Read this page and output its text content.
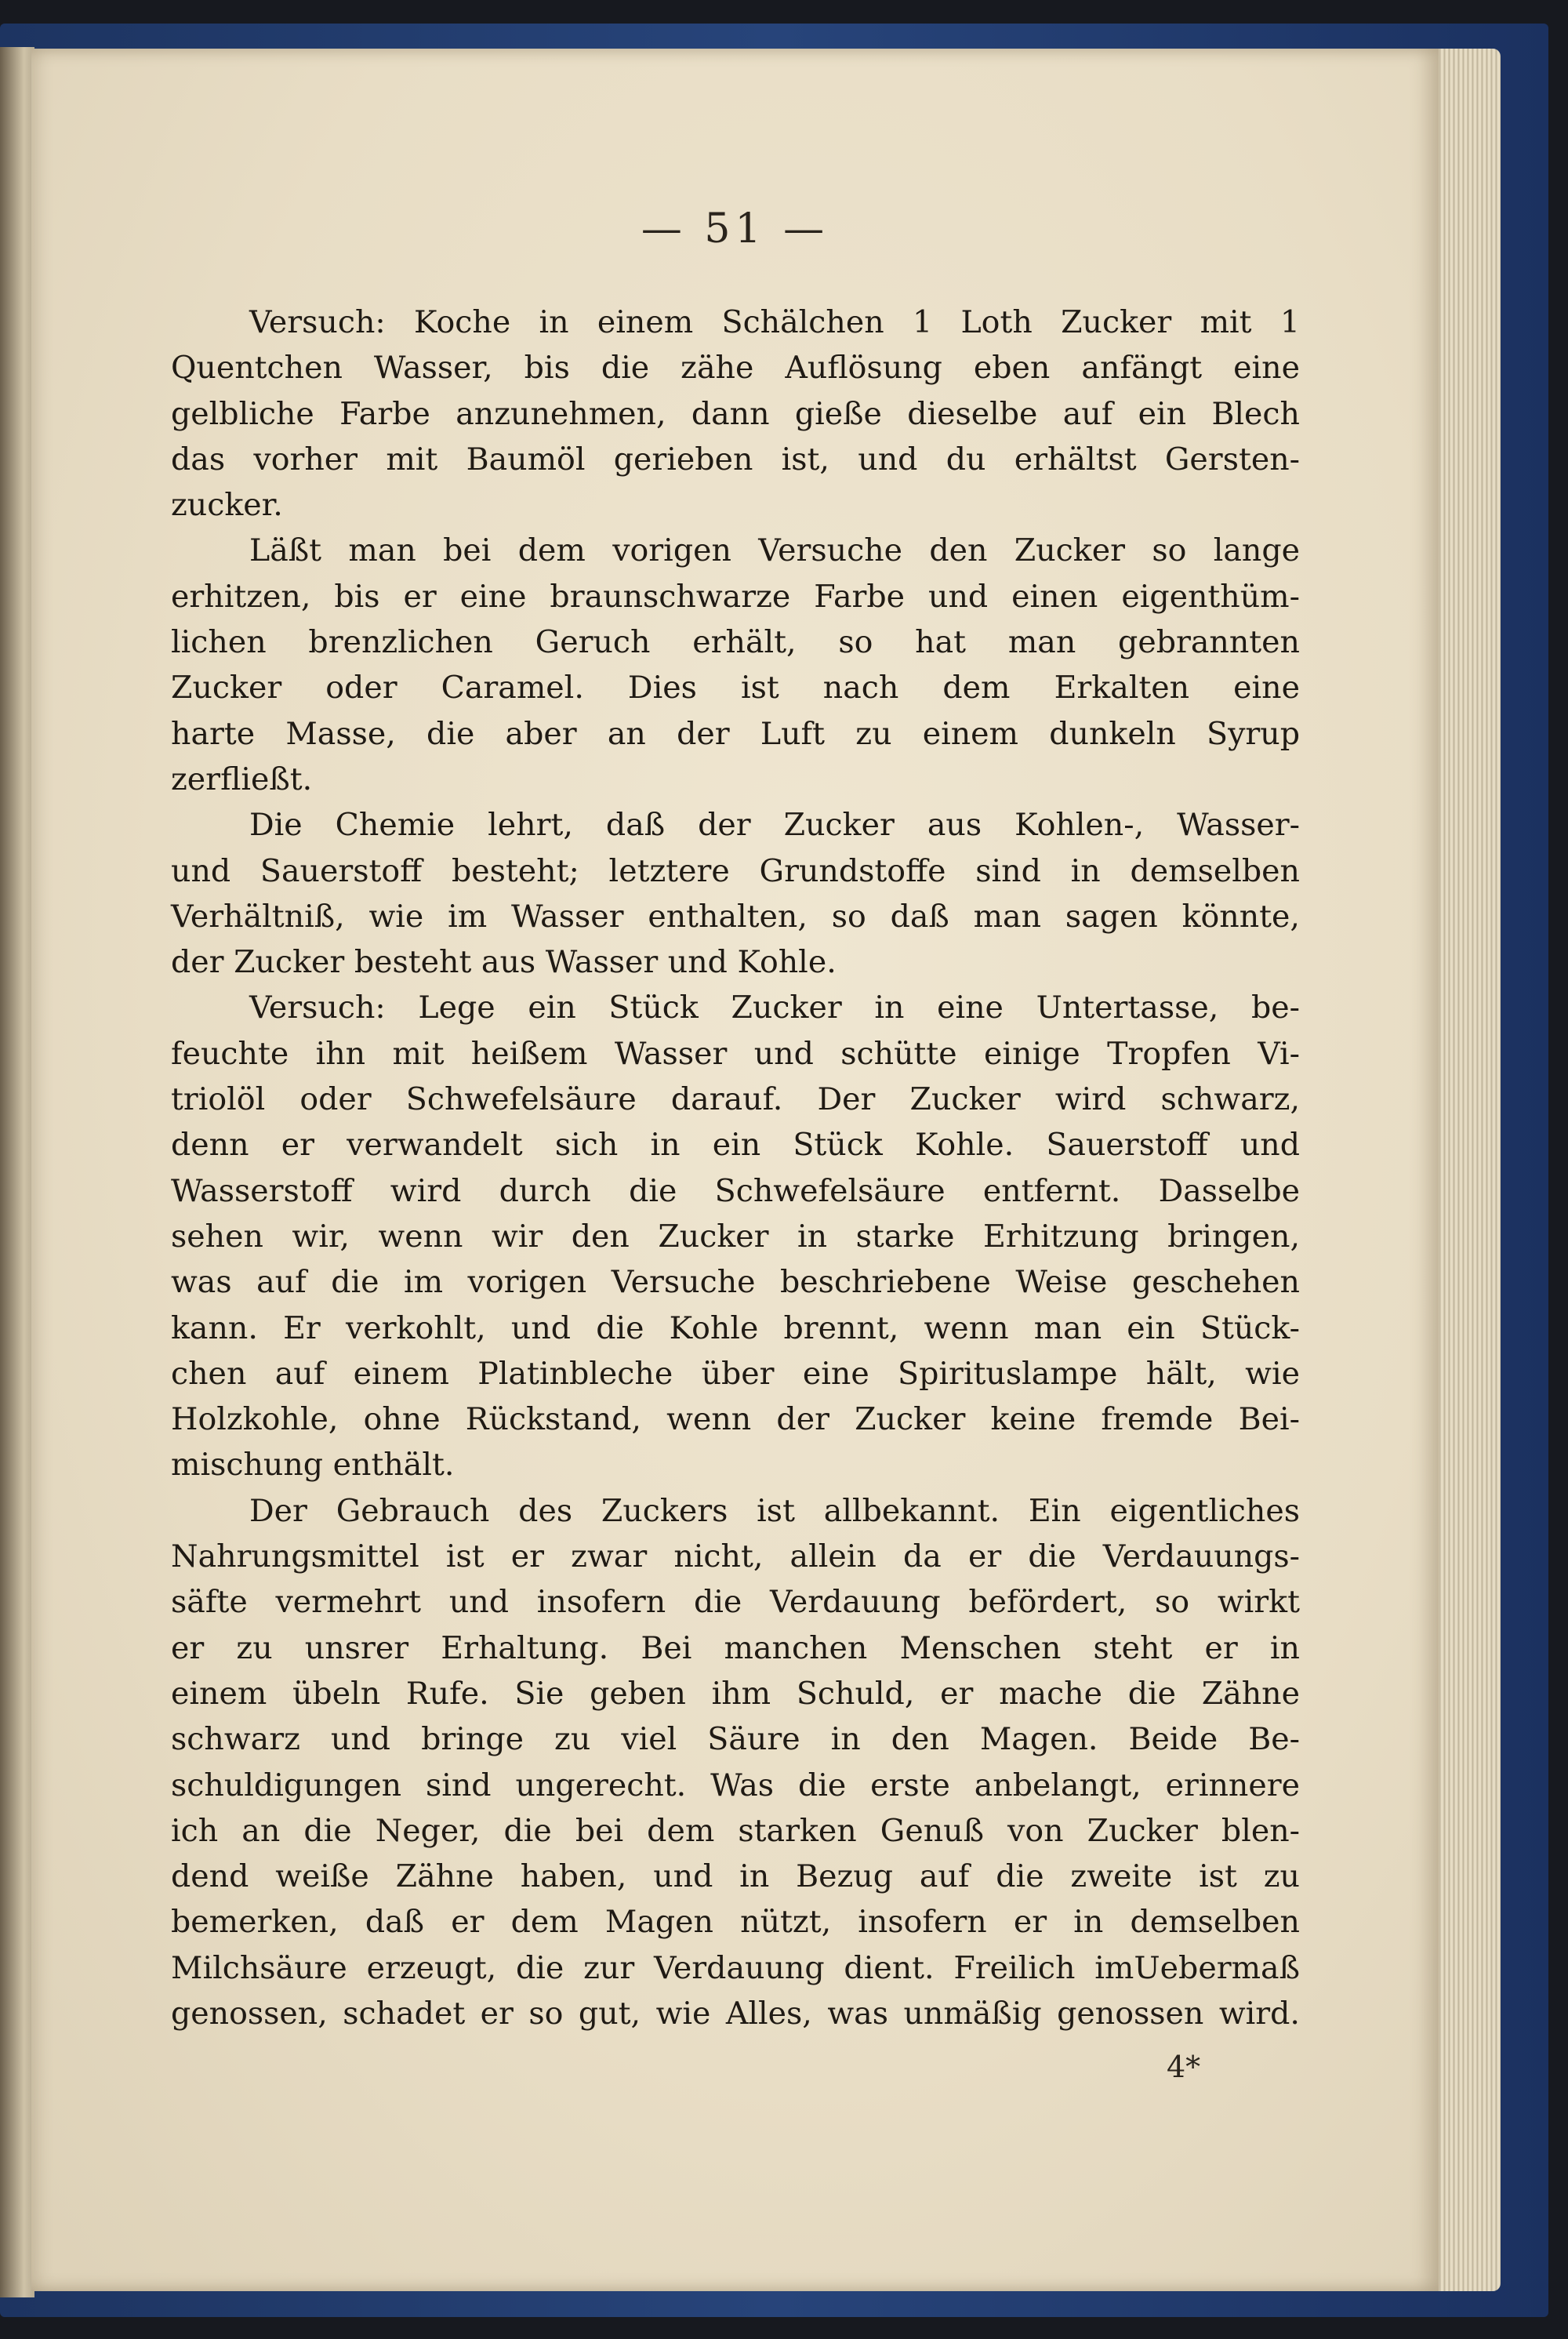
— 51 —
Versuch: Koche in einem Schälchen 1 Loth Zucker mit 1
Quentchen Wasser, bis die zähe Auflösung eben anfängt eine
gelbliche Farbe anzunehmen, dann gieße dieselbe auf ein Blech
das vorher mit Baumöl gerieben ist, und du erhältst Gersten-
zucker.
Läßt man bei dem vorigen Versuche den Zucker so lange
erhitzen, bis er eine braunschwarze Farbe und einen eigenthüm-
lichen brenzlichen Geruch erhält, so hat man gebrannten
Zucker oder Caramel. Dies ist nach dem Erkalten eine
harte Masse, die aber an der Luft zu einem dunkeln Syrup
zerfließt.
Die Chemie lehrt, daß der Zucker aus Kohlen-, Wasser-
und Sauerstoff besteht; letztere Grundstoffe sind in demselben
Verhältniß, wie im Wasser enthalten, so daß man sagen könnte,
der Zucker besteht aus Wasser und Kohle.
Versuch: Lege ein Stück Zucker in eine Untertasse, be-
feuchte ihn mit heißem Wasser und schütte einige Tropfen Vi-
triolöl oder Schwefelsäure darauf. Der Zucker wird schwarz,
denn er verwandelt sich in ein Stück Kohle. Sauerstoff und
Wasserstoff wird durch die Schwefelsäure entfernt. Dasselbe
sehen wir, wenn wir den Zucker in starke Erhitzung bringen,
was auf die im vorigen Versuche beschriebene Weise geschehen
kann. Er verkohlt, und die Kohle brennt, wenn man ein Stück-
chen auf einem Platinbleche über eine Spirituslampe hält, wie
Holzkohle, ohne Rückstand, wenn der Zucker keine fremde Bei-
mischung enthält.
Der Gebrauch des Zuckers ist allbekannt. Ein eigentliches
Nahrungsmittel ist er zwar nicht, allein da er die Verdauungs-
säfte vermehrt und insofern die Verdauung befördert, so wirkt
er zu unsrer Erhaltung. Bei manchen Menschen steht er in
einem übeln Rufe. Sie geben ihm Schuld, er mache die Zähne
schwarz und bringe zu viel Säure in den Magen. Beide Be-
schuldigungen sind ungerecht. Was die erste anbelangt, erinnere
ich an die Neger, die bei dem starken Genuß von Zucker blen-
dend weiße Zähne haben, und in Bezug auf die zweite ist zu
bemerken, daß er dem Magen nützt, insofern er in demselben
Milchsäure erzeugt, die zur Verdauung dient. Freilich imUebermaß
genossen, schadet er so gut, wie Alles, was unmäßig genossen wird.
4*
